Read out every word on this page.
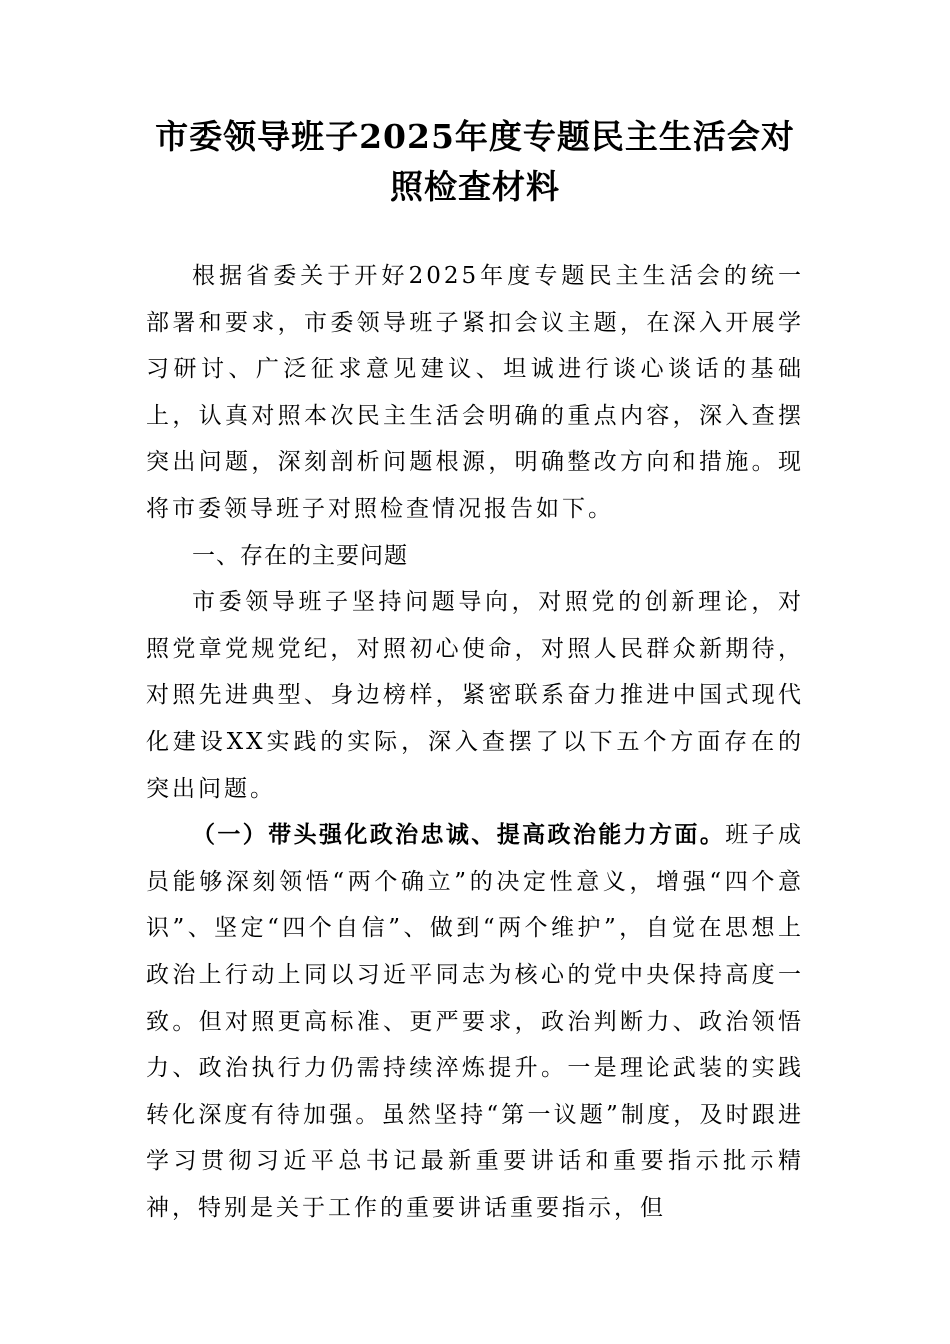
市委领导班子2025年度专题民主生活会对照检查材料

根据省委关于开好2025年度专题民主生活会的统一部署和要求，市委领导班子紧扣会议主题，在深入开展学习研讨、广泛征求意见建议、坦诚进行谈心谈话的基础上，认真对照本次民主生活会明确的重点内容，深入查摆突出问题，深刻剖析问题根源，明确整改方向和措施。现将市委领导班子对照检查情况报告如下。

一、存在的主要问题

市委领导班子坚持问题导向，对照党的创新理论，对照党章党规党纪，对照初心使命，对照人民群众新期待，对照先进典型、身边榜样，紧密联系奋力推进中国式现代化建设XX实践的实际，深入查摆了以下五个方面存在的突出问题。

（一）带头强化政治忠诚、提高政治能力方面。班子成员能够深刻领悟“两个确立”的决定性意义，增强“四个意识”、坚定“四个自信”、做到“两个维护”，自觉在思想上政治上行动上同以习近平同志为核心的党中央保持高度一致。但对照更高标准、更严要求，政治判断力、政治领悟力、政治执行力仍需持续淬炼提升。一是理论武装的实践转化深度有待加强。虽然坚持“第一议题”制度，及时跟进学习贯彻习近平总书记最新重要讲话和重要指示批示精神，特别是关于工作的重要讲话重要指示，但
